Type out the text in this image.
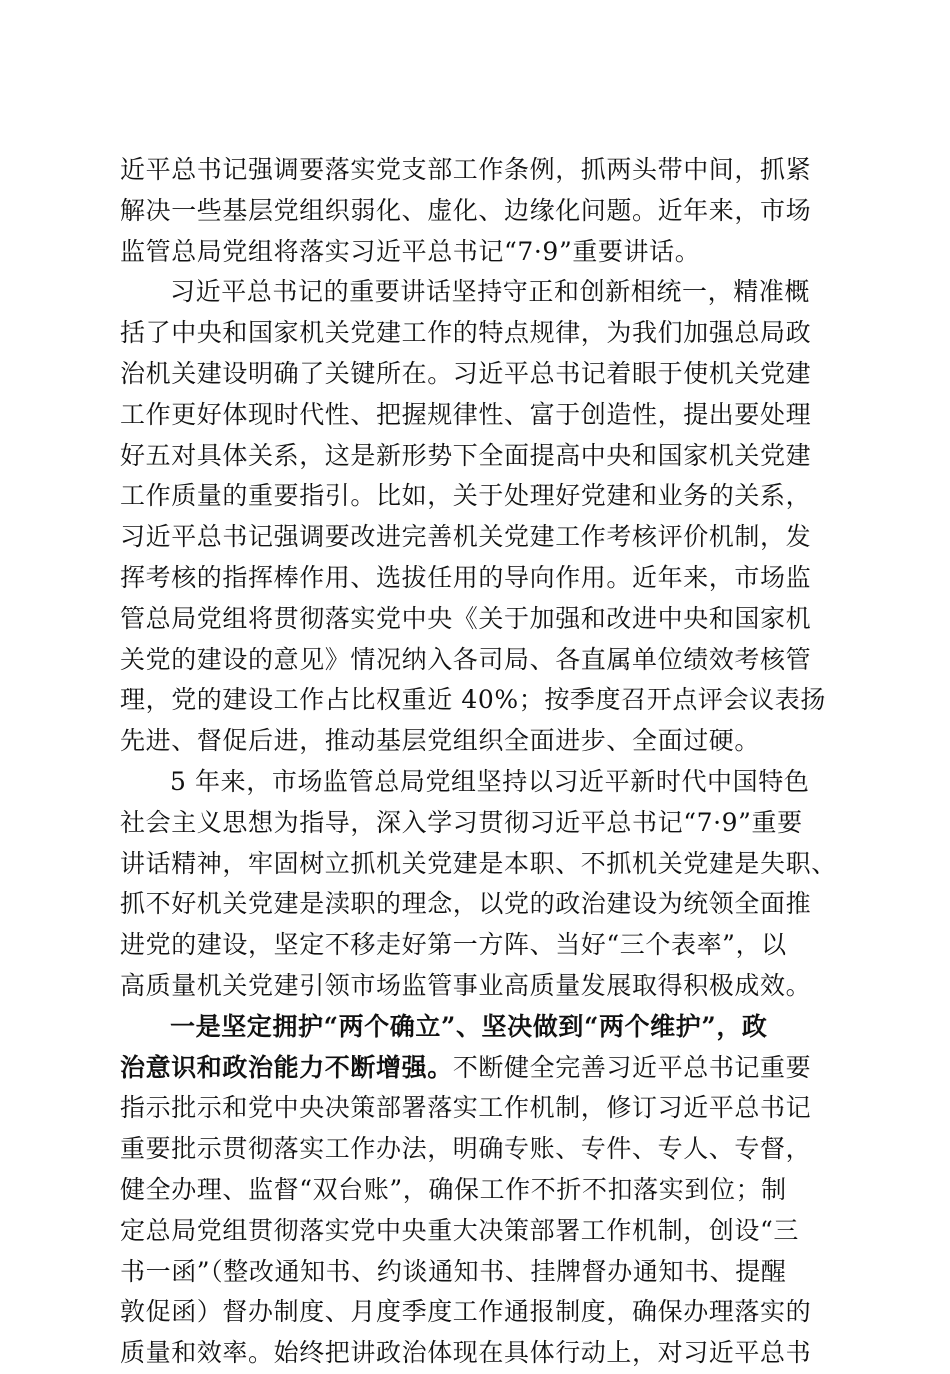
近平总书记强调要落实党支部工作条例，抓两头带中间，抓紧
解决一些基层党组织弱化、虚化、边缘化问题。近年来，市场
监管总局党组将落实习近平总书记“7·9”重要讲话。
习近平总书记的重要讲话坚持守正和创新相统一，精准概
括了中央和国家机关党建工作的特点规律，为我们加强总局政
治机关建设明确了关键所在。习近平总书记着眼于使机关党建
工作更好体现时代性、把握规律性、富于创造性，提出要处理
好五对具体关系，这是新形势下全面提高中央和国家机关党建
工作质量的重要指引。比如，关于处理好党建和业务的关系，
习近平总书记强调要改进完善机关党建工作考核评价机制，发
挥考核的指挥棒作用、选拔任用的导向作用。近年来，市场监
管总局党组将贯彻落实党中央《关于加强和改进中央和国家机
关党的建设的意见》情况纳入各司局、各直属单位绩效考核管
理，党的建设工作占比权重近 40%；按季度召开点评会议表扬
先进、督促后进，推动基层党组织全面进步、全面过硬。
5 年来，市场监管总局党组坚持以习近平新时代中国特色
社会主义思想为指导，深入学习贯彻习近平总书记“7·9”重要
讲话精神，牢固树立抓机关党建是本职、不抓机关党建是失职、
抓不好机关党建是渎职的理念，以党的政治建设为统领全面推
进党的建设，坚定不移走好第一方阵、当好“三个表率”，以
高质量机关党建引领市场监管事业高质量发展取得积极成效。
一是坚定拥护“两个确立”、坚决做到“两个维护”，政
治意识和政治能力不断增强。不断健全完善习近平总书记重要
指示批示和党中央决策部署落实工作机制，修订习近平总书记
重要批示贯彻落实工作办法，明确专账、专件、专人、专督，
健全办理、监督“双台账”，确保工作不折不扣落实到位；制
定总局党组贯彻落实党中央重大决策部署工作机制，创设“三
书一函”（整改通知书、约谈通知书、挂牌督办通知书、提醒
敦促函）督办制度、月度季度工作通报制度，确保办理落实的
质量和效率。始终把讲政治体现在具体行动上，对习近平总书
